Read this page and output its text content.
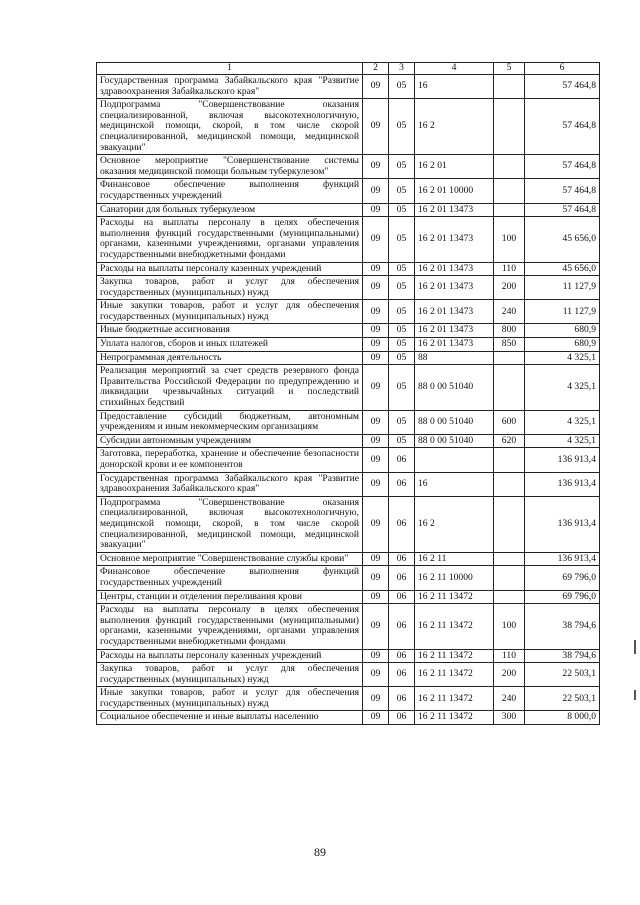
1	2	3	4	5	6
Государственная программа Забайкальского края "Развитие здравоохранения Забайкальского края"	09	05	16		57 464,8
Подпрограмма "Совершенствование оказания специализированной, включая высокотехнологичную, медицинской помощи, скорой, в том числе скорой специализированной, медицинской помощи, медицинской эвакуации"	09	05	16 2		57 464,8
Основное мероприятие "Совершенствование системы оказания медицинской помощи больным туберкулезом"	09	05	16 2 01		57 464,8
Финансовое обеспечение выполнения функций государственных учреждений	09	05	16 2 01 10000		57 464,8
Санатории для больных туберкулезом	09	05	16 2 01 13473		57 464,8
Расходы на выплаты персоналу в целях обеспечения выполнения функций государственными (муниципальными) органами, казенными учреждениями, органами управления государственными внебюджетными фондами	09	05	16 2 01 13473	100	45 656,0
Расходы на выплаты персоналу казенных учреждений	09	05	16 2 01 13473	110	45 656,0
Закупка товаров, работ и услуг для обеспечения государственных (муниципальных) нужд	09	05	16 2 01 13473	200	11 127,9
Иные закупки товаров, работ и услуг для обеспечения государственных (муниципальных) нужд	09	05	16 2 01 13473	240	11 127,9
Иные бюджетные ассигнования	09	05	16 2 01 13473	800	680,9
Уплата налогов, сборов и иных платежей	09	05	16 2 01 13473	850	680,9
Непрограммная деятельность	09	05	88		4 325,1
Реализация мероприятий за счет средств резервного фонда Правительства Российской Федерации по предупреждению и ликвидации чрезвычайных ситуаций и последствий стихийных бедствий	09	05	88 0 00 51040		4 325,1
Предоставление субсидий бюджетным, автономным учреждениям и иным некоммерческим организациям	09	05	88 0 00 51040	600	4 325,1
Субсидии автономным учреждениям	09	05	88 0 00 51040	620	4 325,1
Заготовка, переработка, хранение и обеспечение безопасности донорской крови и ее компонентов	09	06			136 913,4
Государственная программа Забайкальского края "Развитие здравоохранения Забайкальского края"	09	06	16		136 913,4
Подпрограмма "Совершенствование оказания специализированной, включая высокотехнологичную, медицинской помощи, скорой, в том числе скорой специализированной, медицинской помощи, медицинской эвакуации"	09	06	16 2		136 913,4
Основное мероприятие "Совершенствование службы крови"	09	06	16 2 11		136 913,4
Финансовое обеспечение выполнения функций государственных учреждений	09	06	16 2 11 10000		69 796,0
Центры, станции и отделения переливания крови	09	06	16 2 11 13472		69 796,0
Расходы на выплаты персоналу в целях обеспечения выполнения функций государственными (муниципальными) органами, казенными учреждениями, органами управления государственными внебюджетными фондами	09	06	16 2 11 13472	100	38 794,6
Расходы на выплаты персоналу казенных учреждений	09	06	16 2 11 13472	110	38 794,6
Закупка товаров, работ и услуг для обеспечения государственных (муниципальных) нужд	09	06	16 2 11 13472	200	22 503,1
Иные закупки товаров, работ и услуг для обеспечения государственных (муниципальных) нужд	09	06	16 2 11 13472	240	22 503,1
Социальное обеспечение и иные выплаты населению	09	06	16 2 11 13472	300	8 000,0
89
